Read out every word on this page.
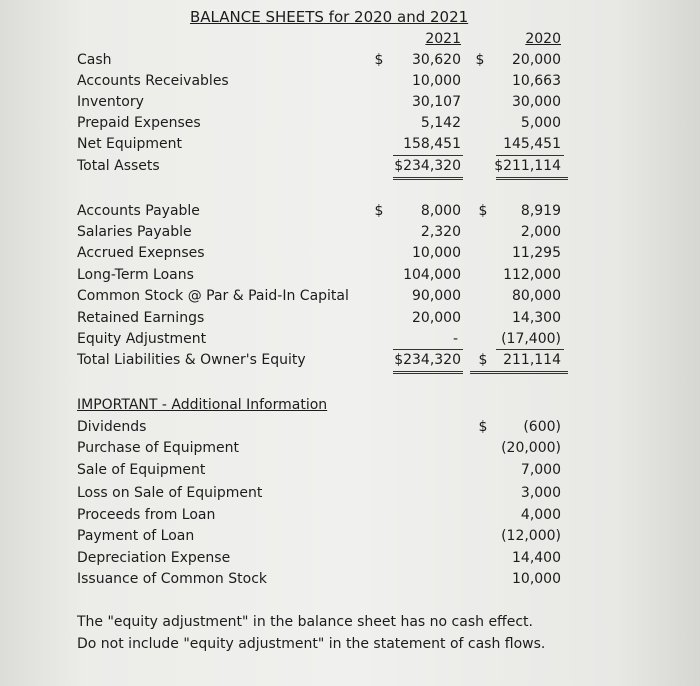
BALANCE SHEETS for 2020 and 2021
2021	2020
$	$
Cash	30,620	20,000
Accounts Receivables	10,000	10,663
Inventory	30,107	30,000
Prepaid Expenses	5,142	5,000
Net Equipment	158,451	145,451
Total Assets	$234,320 $211,114
$	$
Accounts Payable	8,000	8,919
Salaries Payable	2,320	2,000
Accrued Exepnses	10,000	11,295
Long-Term Loans	104,000	112,000
Common Stock @ Par & Paid-In Capital	90,000	80,000
Retained Earnings	20,000	14,300
Equity Adjustment	-	(17,400)
Total Liabilities & Owner's Equity	$234,320 $ 211,114
IMPORTANT - Additional Information
$
Dividends	(600)
Purchase of Equipment	(20,000)
Sale of Equipment	7,000
Loss on Sale of Equipment	3,000
Proceeds from Loan	4,000
Payment of Loan	(12,000)
Depreciation Expense	14,400
Issuance of Common Stock	10,000
The "equity adjustment" in the balance sheet has no cash effect.
Do not include "equity adjustment" in the statement of cash flows.
